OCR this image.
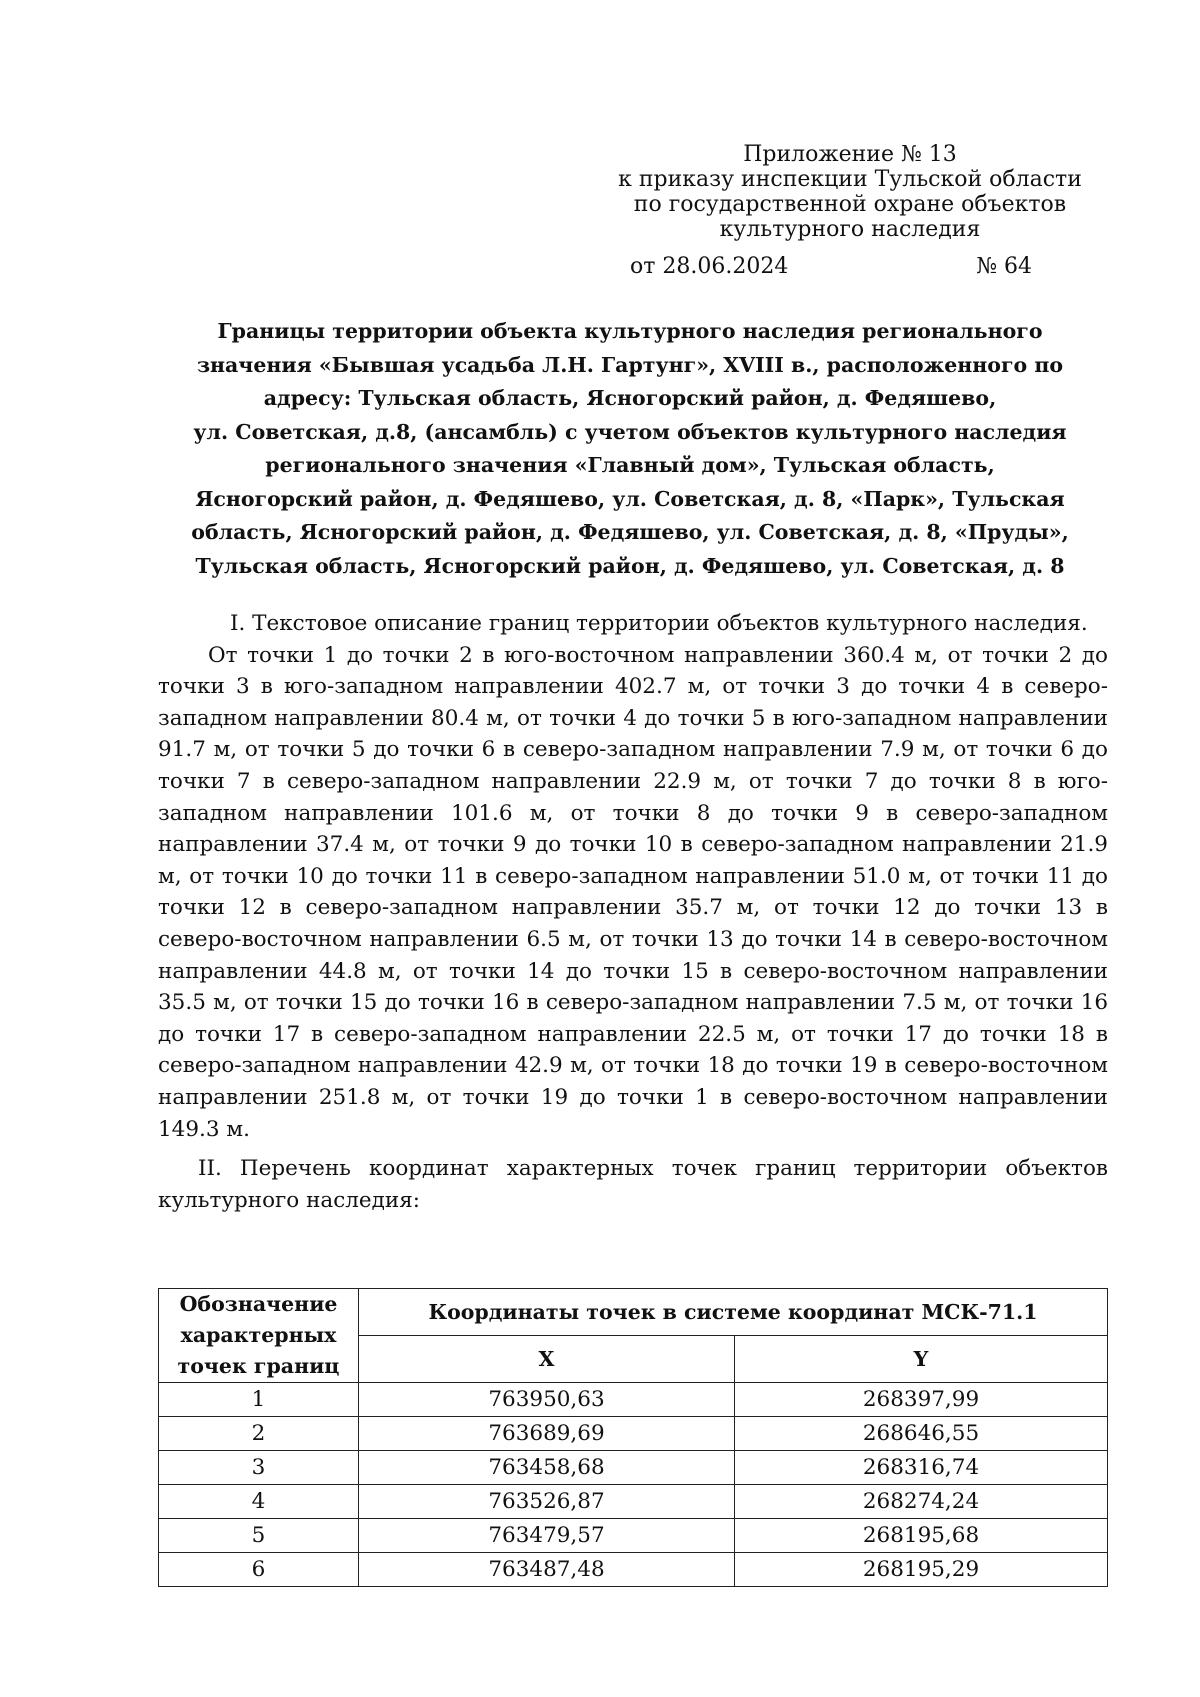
Приложение № 13
к приказу инспекции Тульской области
по государственной охране объектов
культурного наследия
от 28.06.2024	№ 64
Границы территории объекта культурного наследия регионального
значения «Бывшая усадьба Л.Н. Гартунг», XVIII в., расположенного по
адресу: Тульская область, Ясногорский район, д. Федяшево,
ул. Советская, д.8, (ансамбль) с учетом объектов культурного наследия
регионального значения «Главный дом», Тульская область,
Ясногорский район, д. Федяшево, ул. Советская, д. 8, «Парк», Тульская
область, Ясногорский район, д. Федяшево, ул. Советская, д. 8, «Пруды»,
Тульская область, Ясногорский район, д. Федяшево, ул. Советская, д. 8

I. Текстовое описание границ территории объектов культурного наследия.

От точки 1 до точки 2 в юго-восточном направлении 360.4 м, от точки 2 до точки 3 в юго-западном направлении 402.7 м, от точки 3 до точки 4 в северо-западном направлении 80.4 м, от точки 4 до точки 5 в юго-западном направлении 91.7 м, от точки 5 до точки 6 в северо-западном направлении 7.9 м, от точки 6 до точки 7 в северо-западном направлении 22.9 м, от точки 7 до точки 8 в юго-западном направлении 101.6 м, от точки 8 до точки 9 в северо-западном направлении 37.4 м, от точки 9 до точки 10 в северо-западном направлении 21.9 м, от точки 10 до точки 11 в северо-западном направлении 51.0 м, от точки 11 до точки 12 в северо-западном направлении 35.7 м, от точки 12 до точки 13 в северо-восточном направлении 6.5 м, от точки 13 до точки 14 в северо-восточном направлении 44.8 м, от точки 14 до точки 15 в северо-восточном направлении 35.5 м, от точки 15 до точки 16 в северо-западном направлении 7.5 м, от точки 16 до точки 17 в северо-западном направлении 22.5 м, от точки 17 до точки 18 в северо-западном направлении 42.9 м, от точки 18 до точки 19 в северо-восточном направлении 251.8 м, от точки 19 до точки 1 в северо-восточном направлении 149.3 м.

II. Перечень координат характерных точек границ территории объектов культурного наследия:

Обозначение характерных точек границ	Координаты точек в системе координат МСК-71.1	
	X	Y
1	763950,63	268397,99
2	763689,69	268646,55
3	763458,68	268316,74
4	763526,87	268274,24
5	763479,57	268195,68
6	763487,48	268195,29
